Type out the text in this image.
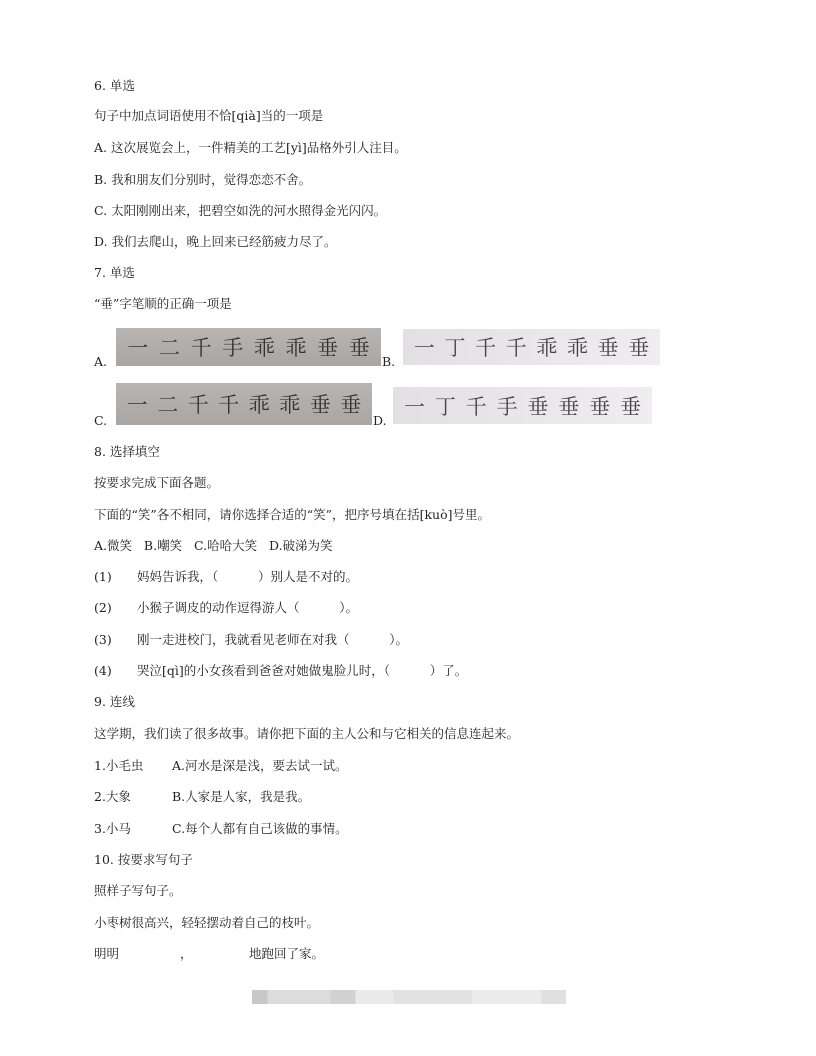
6. 单选
句子中加点词语使用不恰[qià]当的一项是
A. 这次展览会上，一件精美的工艺[yì]品格外引人注目。
B. 我和朋友们分别时，觉得恋恋不舍。
C. 太阳刚刚出来，把碧空如洗的河水照得金光闪闪。
D. 我们去爬山，晚上回来已经筋疲力尽了。
7. 单选
“垂”字笔顺的正确一项是
A.
一 二 千 手 乖 乖 垂 垂
B.
一 丁 千 千 乖 乖 垂 垂
C.
一 二 千 千 乖 乖 垂 垂
D.
一 丁 千 手 垂 垂 垂 垂
8. 选择填空
按要求完成下面各题。
下面的“笑”各不相同，请你选择合适的“笑”，把序号填在括[kuò]号里。
A.微笑   B.嘲笑   C.哈哈大笑   D.破涕为笑
(1) 妈妈告诉我，（          ）别人是不对的。
(2) 小猴子调皮的动作逗得游人（          ）。
(3) 刚一走进校门，我就看见老师在对我（          ）。
(4) 哭泣[qì]的小女孩看到爸爸对她做鬼脸儿时，（          ）了。
9. 连线
这学期，我们读了很多故事。请你把下面的主人公和与它相关的信息连起来。
1.小毛虫 A.河水是深是浅，要去试一试。
2.大象	B.人家是人家，我是我。
3.小马	C.每个人都有自己该做的事情。
10. 按要求写句子
照样子写句子。
小枣树很高兴，轻轻摆动着自己的枝叶。
明明	，	地跑回了家。
